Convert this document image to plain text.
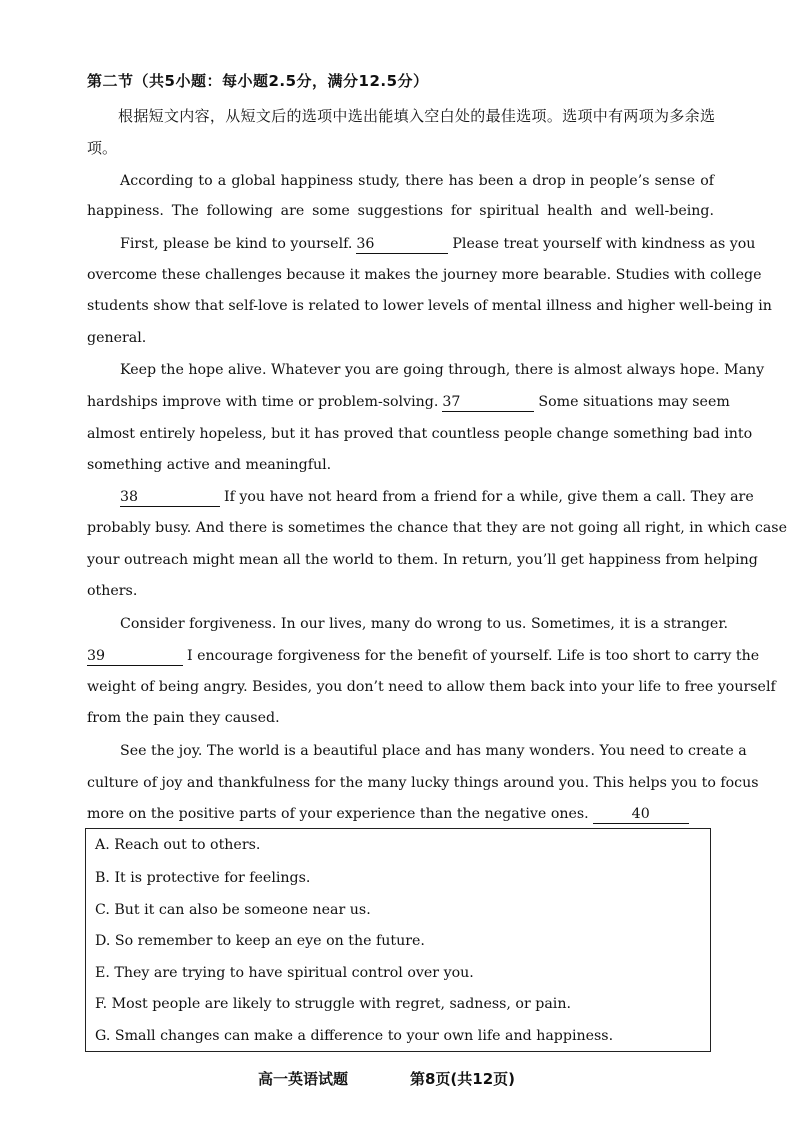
第二节（共5小题：每小题2.5分，满分12.5分）
根据短文内容，从短文后的选项中选出能填入空白处的最佳选项。选项中有两项为多余选项。
According to a global happiness study, there has been a drop in people’s sense of
happiness. The following are some suggestions for spiritual health and well-being.
First, please be kind to yourself. 36	Please treat yourself with kindness as you
overcome these challenges because it makes the journey more bearable. Studies with college
students show that self-love is related to lower levels of mental illness and higher well-being in
general.
Keep the hope alive. Whatever you are going through, there is almost always hope. Many
hardships improve with time or problem-solving. 37	Some situations may seem
almost entirely hopeless, but it has proved that countless people change something bad into
something active and meaningful.
38	If you have not heard from a friend for a while, give them a call. They are
probably busy. And there is sometimes the chance that they are not going all right, in which case
your outreach might mean all the world to them. In return, you’ll get happiness from helping
others.
Consider forgiveness. In our lives, many do wrong to us. Sometimes, it is a stranger.
39	I encourage forgiveness for the benefit of yourself. Life is too short to carry the
weight of being angry. Besides, you don’t need to allow them back into your life to free yourself
from the pain they caused.
See the joy. The world is a beautiful place and has many wonders. You need to create a
culture of joy and thankfulness for the many lucky things around you. This helps you to focus
more on the positive parts of your experience than the negative ones.	40
A. Reach out to others.
B. It is protective for feelings.
C. But it can also be someone near us.
D. So remember to keep an eye on the future.
E. They are trying to have spiritual control over you.
F. Most people are likely to struggle with regret, sadness, or pain.
G. Small changes can make a difference to your own life and happiness.
高一英语试题	第8页(共12页)
